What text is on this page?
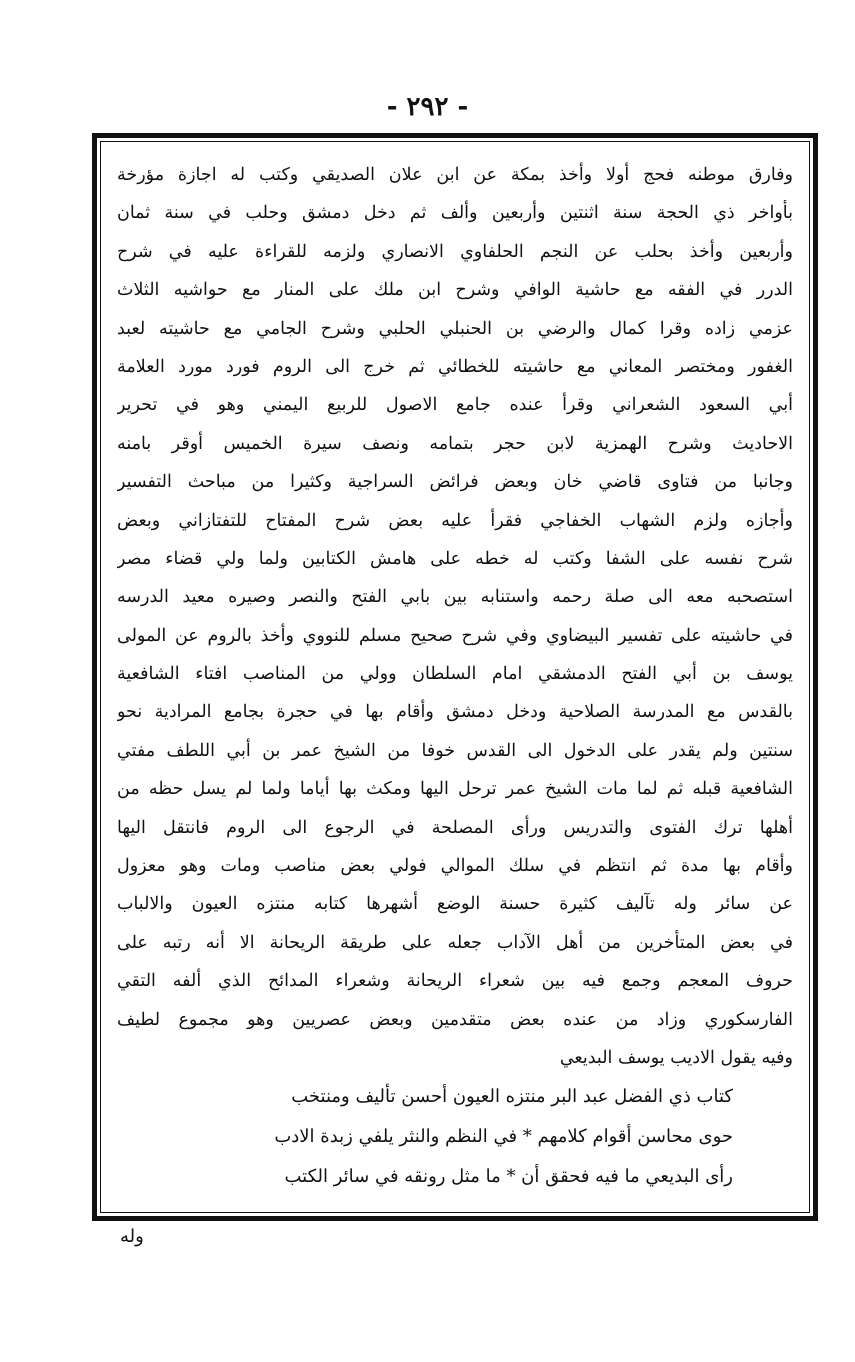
- ٢٩٢ -
وفارق موطنه فحج أولا وأخذ بمكة عن ابن علان الصديقي وكتب له اجازة مؤرخة
بأواخر ذي الحجة سنة اثنتين وأربعين وألف ثم دخل دمشق وحلب في سنة ثمان
وأربعين وأخذ بحلب عن النجم الحلفاوي الانصاري ولزمه للقراءة عليه في شرح
الدرر في الفقه مع حاشية الوافي وشرح ابن ملك على المنار مع حواشيه الثلاث
عزمي زاده وقرا كمال والرضي بن الحنبلي الحلبي وشرح الجامي مع حاشيته لعبد
الغفور ومختصر المعاني مع حاشيته للخطائي ثم خرج الى الروم فورد مورد العلامة
أبي السعود الشعراني وقرأ عنده جامع الاصول للربيع اليمني وهو في تحرير
الاحاديث وشرح الهمزية لابن حجر بتمامه ونصف سيرة الخميس أوقر بامنه
وجانبا من فتاوى قاضي خان وبعض فرائض السراجية وكثيرا من مباحث التفسير
وأجازه ولزم الشهاب الخفاجي فقرأ عليه بعض شرح المفتاح للتفتازاني وبعض
شرح نفسه على الشفا وكتب له خطه على هامش الكتابين ولما ولي قضاء مصر
استصحبه معه الى صلة رحمه واستنابه بين بابي الفتح والنصر وصيره معيد الدرسه
في حاشيته على تفسير البيضاوي وفي شرح صحيح مسلم للنووي وأخذ بالروم عن المولى
يوسف بن أبي الفتح الدمشقي امام السلطان وولي من المناصب افتاء الشافعية
بالقدس مع المدرسة الصلاحية ودخل دمشق وأقام بها في حجرة بجامع المرادية نحو
سنتين ولم يقدر على الدخول الى القدس خوفا من الشيخ عمر بن أبي اللطف مفتي
الشافعية قبله ثم لما مات الشيخ عمر ترحل اليها ومكث بها أياما ولما لم يسل حظه من
أهلها ترك الفتوى والتدريس ورأى المصلحة في الرجوع الى الروم فانتقل اليها
وأقام بها مدة ثم انتظم في سلك الموالي فولي بعض مناصب ومات وهو معزول
عن سائر وله تآليف كثيرة حسنة الوضع أشهرها كتابه منتزه العيون والالباب
في بعض المتأخرين من أهل الآداب جعله على طريقة الريحانة الا أنه رتبه على
حروف المعجم وجمع فيه بين شعراء الريحانة وشعراء المدائح الذي ألفه التقي
الفارسكوري وزاد من عنده بعض متقدمين وبعض عصريين وهو مجموع لطيف
وفيه يقول الاديب يوسف البديعي
كتاب ذي الفضل عبد البر منتزه العيون أحسن تأليف ومنتخب
حوى محاسن أقوام كلامهم * في النظم والنثر يلفي زبدة الادب
رأى البديعي ما فيه فحقق أن * ما مثل رونقه في سائر الكتب
وله
